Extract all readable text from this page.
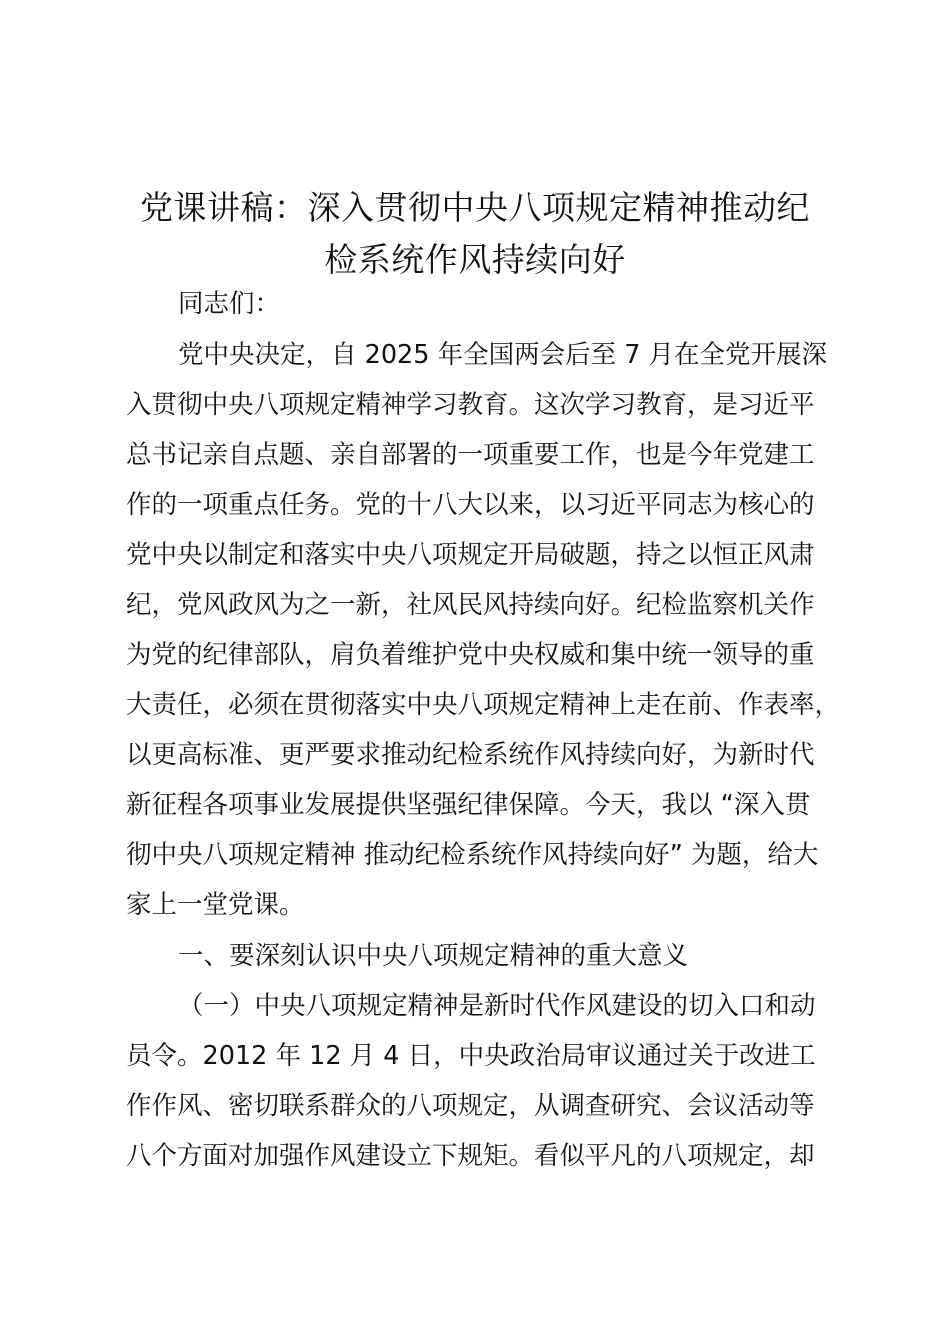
党课讲稿：深入贯彻中央八项规定精神推动纪
检系统作风持续向好
同志们：
党中央决定，自 2025 年全国两会后至 7 月在全党开展深
入贯彻中央八项规定精神学习教育。这次学习教育，是习近平
总书记亲自点题、亲自部署的一项重要工作，也是今年党建工
作的一项重点任务。党的十八大以来，以习近平同志为核心的
党中央以制定和落实中央八项规定开局破题，持之以恒正风肃
纪，党风政风为之一新，社风民风持续向好。纪检监察机关作
为党的纪律部队，肩负着维护党中央权威和集中统一领导的重
大责任，必须在贯彻落实中央八项规定精神上走在前、作表率，
以更高标准、更严要求推动纪检系统作风持续向好，为新时代
新征程各项事业发展提供坚强纪律保障。今天，我以 “深入贯
彻中央八项规定精神 推动纪检系统作风持续向好” 为题，给大
家上一堂党课。
一、要深刻认识中央八项规定精神的重大意义
（一）中央八项规定精神是新时代作风建设的切入口和动
员令。2012 年 12 月 4 日，中央政治局审议通过关于改进工
作作风、密切联系群众的八项规定，从调查研究、会议活动等
八个方面对加强作风建设立下规矩。看似平凡的八项规定，却
